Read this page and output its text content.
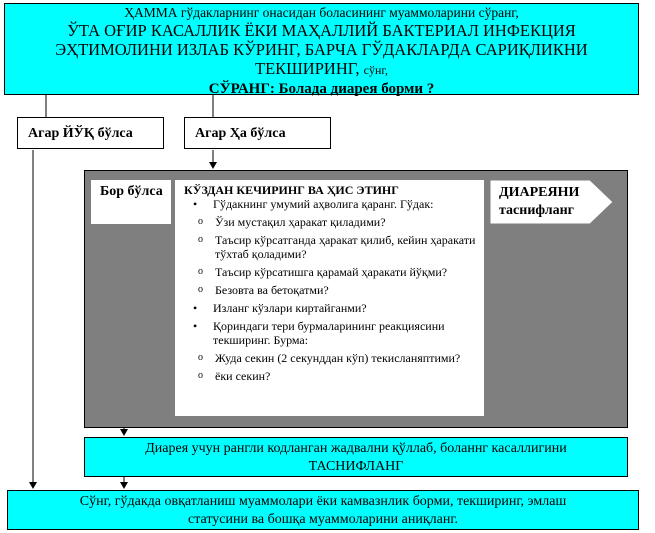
ҲАММА гўдакларнинг онасидан боласининг муаммоларини сўранг,
ЎТА ОҒИР КАСАЛЛИК ЁКИ МАҲАЛЛИЙ БАКТЕРИАЛ ИНФЕКЦИЯ
ЭҲТИМОЛИНИ ИЗЛАБ КЎРИНГ, БАРЧА ГЎДАКЛАРДА САРИҚЛИКНИ
ТЕКШИРИНГ, сўнг,
СЎРАНГ: Болада диарея борми ?
Агар ЙЎҚ бўлса	Агар Ҳа бўлса
Бор бўлса	КЎЗДАН КЕЧИРИНГ ВА ҲИС ЭТИНГ
• Гўдакнинг умумий аҳволига қаранг. Гўдак:
o Ўзи мустақил ҳаракат қиладими?
o Таъсир кўрсатганда ҳаракат қилиб, кейин ҳаракати тўхтаб қоладими?
o Таъсир кўрсатишга қарамай ҳаракати йўқми?
o Безовта ва бетоқатми?
• Изланг кўзлари киртайганми?
• Қориндаги тери бурмаларининг реакциясини текширинг. Бурма:
o Жуда секин (2 секунддан кўп) текисланяптими?
o ёки секин?
ДИАРЕЯНИ таснифланг
Диарея учун рангли кодланган жадвални қўллаб, боланнг касаллигини
ТАСНИФЛАНГ
Сўнг, гўдакда овқатланиш муаммолари ёки камвазнлик борми, текширинг, эмлаш
статусини ва бошқа муаммоларини аниқланг.
